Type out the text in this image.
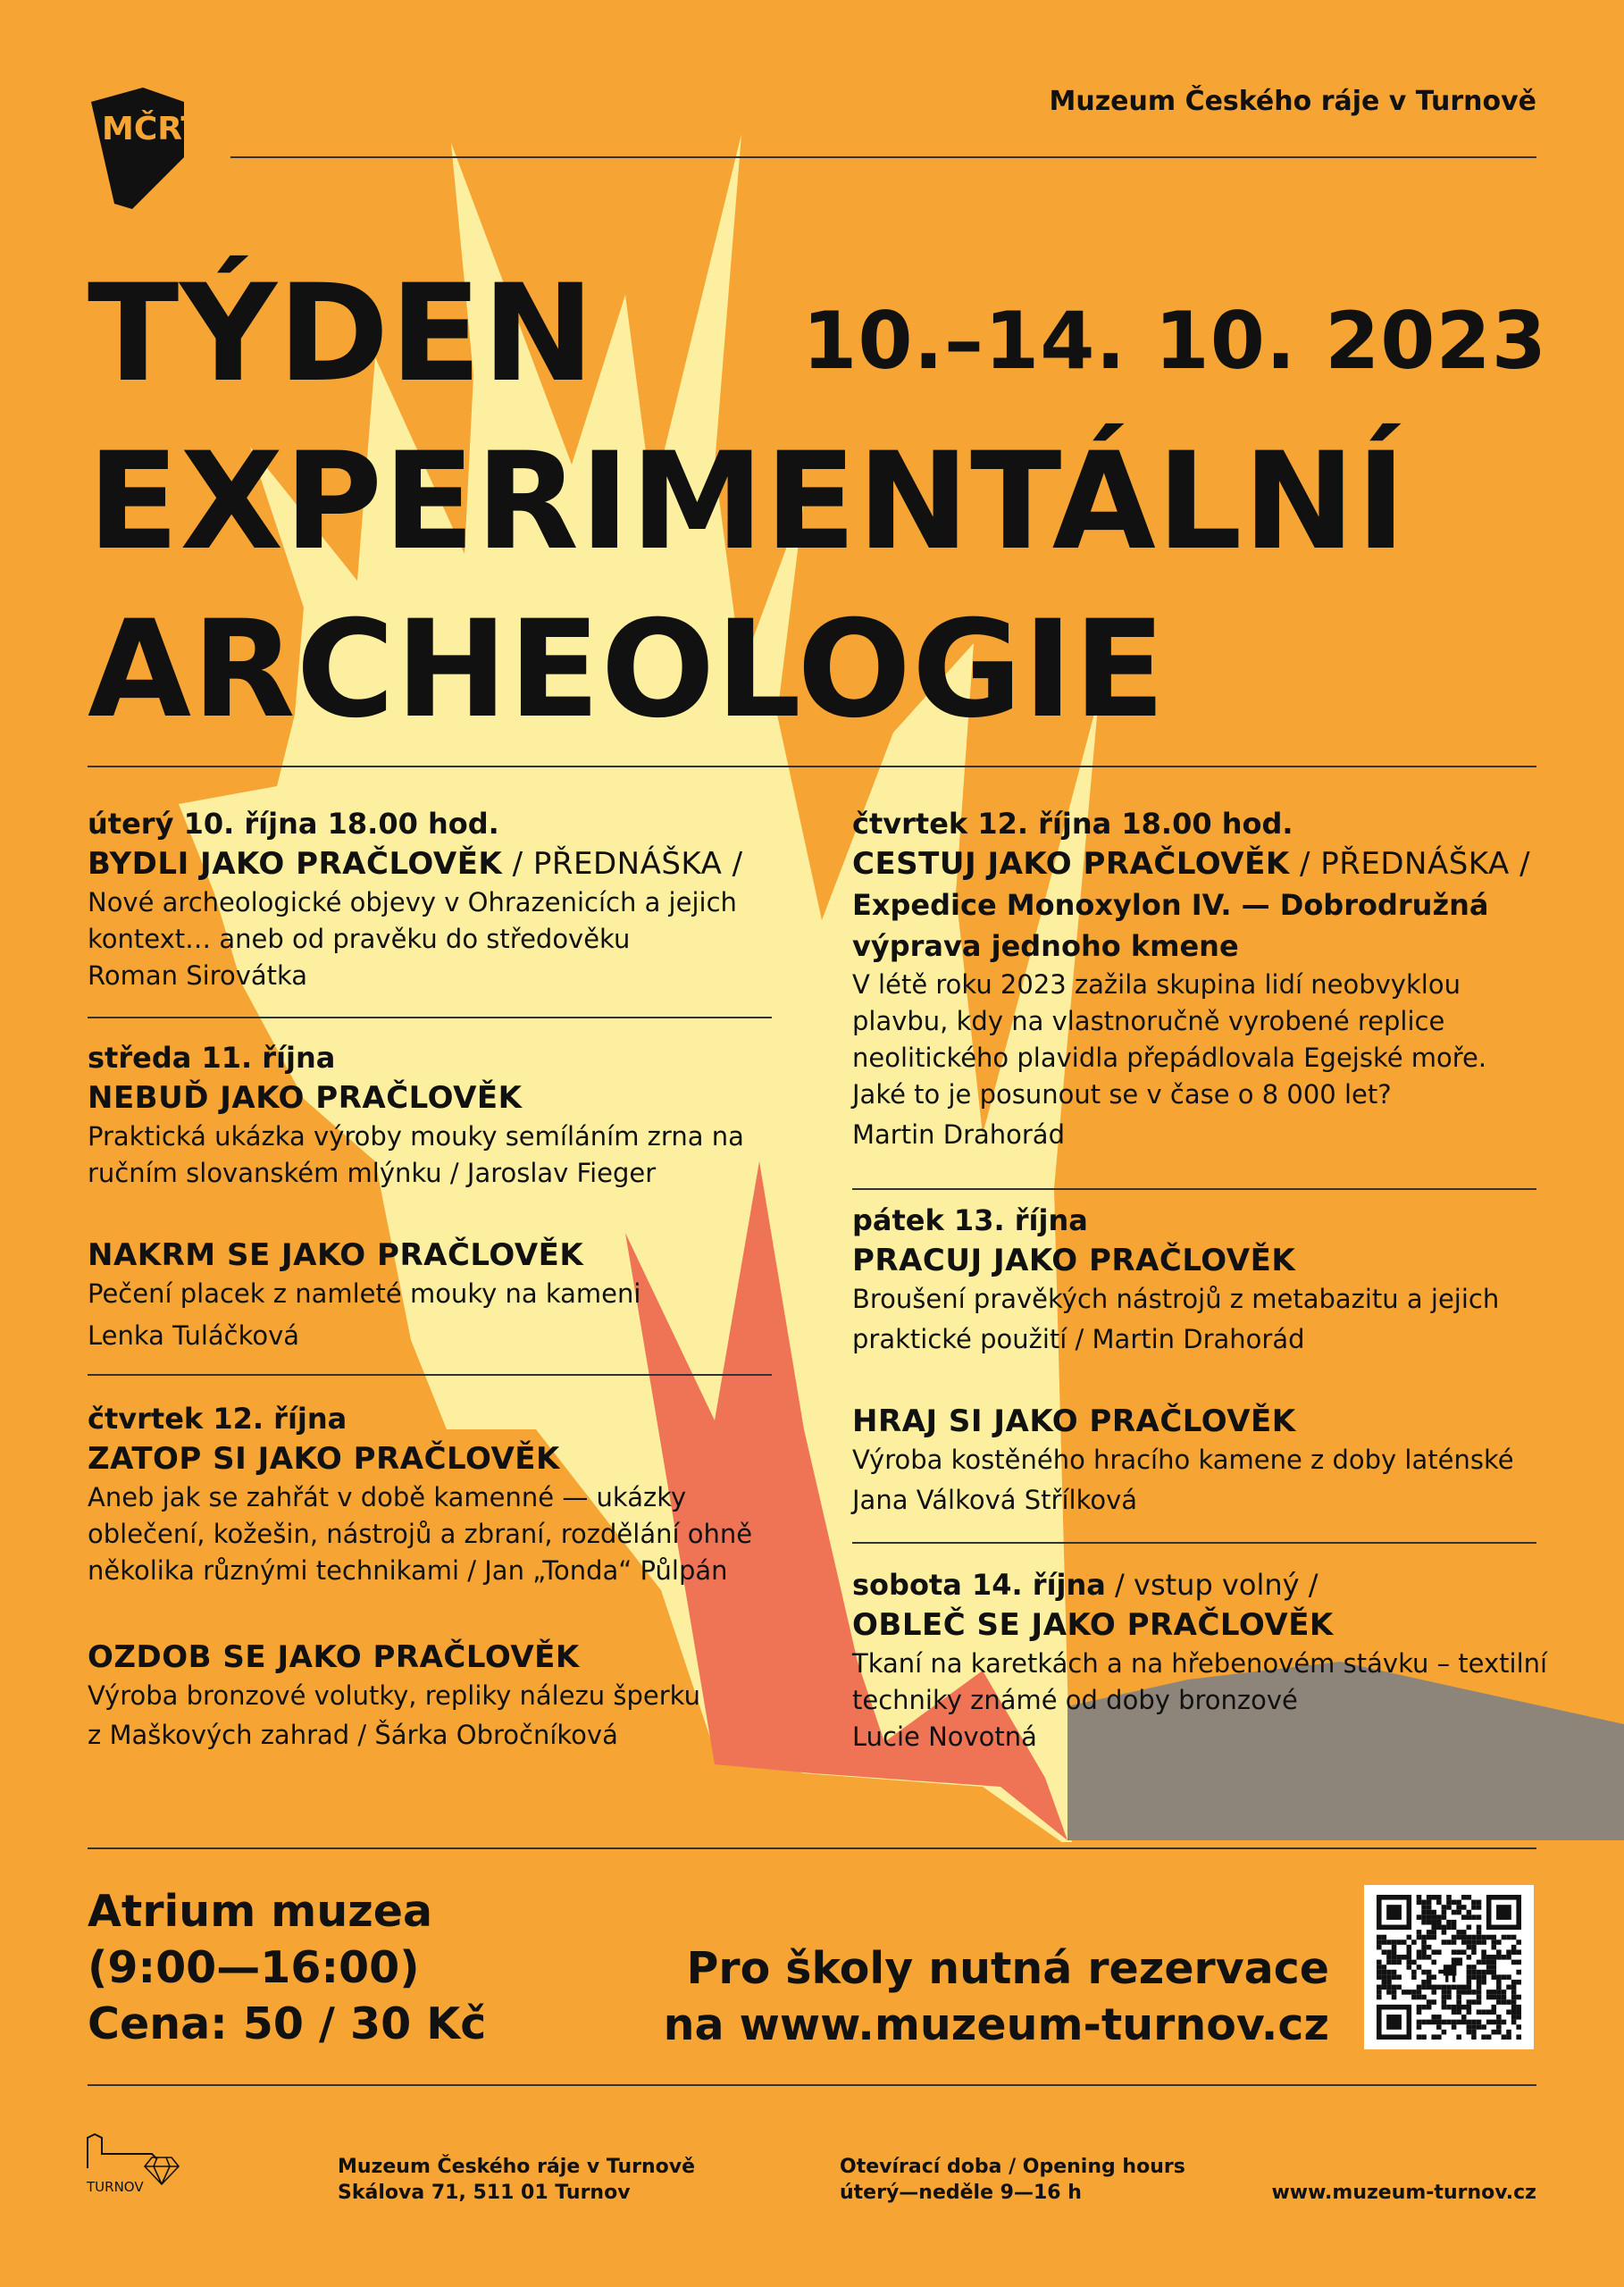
MČRT
Muzeum Českého ráje v Turnově
TÝDEN
EXPERIMENTÁLNÍ
ARCHEOLOGIE
10.–14. 10. 2023

úterý 10. října 18.00 hod.

BYDLI JAKO PRAČLOVĚK / PŘEDNÁŠKA /

Nové archeologické objevy v Ohrazenicích a jejich

kontext… aneb od pravěku do středověku

Roman Sirovátka

středa 11. října

NEBUĎ JAKO PRAČLOVĚK

Praktická ukázka výroby mouky semíláním zrna na

ručním slovanském mlýnku / Jaroslav Fieger

NAKRM SE JAKO PRAČLOVĚK

Pečení placek z namleté mouky na kameni

Lenka Tuláčková

čtvrtek 12. října

ZATOP SI JAKO PRAČLOVĚK

Aneb jak se zahřát v době kamenné — ukázky

oblečení, kožešin, nástrojů a zbraní, rozdělání ohně

několika různými technikami / Jan „Tonda“ Půlpán

OZDOB SE JAKO PRAČLOVĚK

Výroba bronzové volutky, repliky nálezu šperku

z Maškových zahrad / Šárka Obročníková

čtvrtek 12. října 18.00 hod.

CESTUJ JAKO PRAČLOVĚK / PŘEDNÁŠKA /

Expedice Monoxylon IV. — Dobrodružná

výprava jednoho kmene

V létě roku 2023 zažila skupina lidí neobvyklou

plavbu, kdy na vlastnoručně vyrobené replice

neolitického plavidla přepádlovala Egejské moře.

Jaké to je posunout se v čase o 8 000 let?

Martin Drahorád

pátek 13. října

PRACUJ JAKO PRAČLOVĚK

Broušení pravěkých nástrojů z metabazitu a jejich

praktické použití / Martin Drahorád

HRAJ SI JAKO PRAČLOVĚK

Výroba kostěného hracího kamene z doby laténské

Jana Válková Střílková

sobota 14. října / vstup volný /

OBLEČ SE JAKO PRAČLOVĚK

Tkaní na karetkách a na hřebenovém stávku – textilní

techniky známé od doby bronzové

Lucie Novotná

Atrium muzea
(9:00—16:00)
Cena: 50 / 30 Kč
Pro školy nutná rezervace
na www.muzeum-turnov.cz
TURNOV
Muzeum Českého ráje v Turnově
Skálova 71, 511 01 Turnov
Otevírací doba / Opening hours
úterý—neděle 9—16 h	www.muzeum-turnov.cz
